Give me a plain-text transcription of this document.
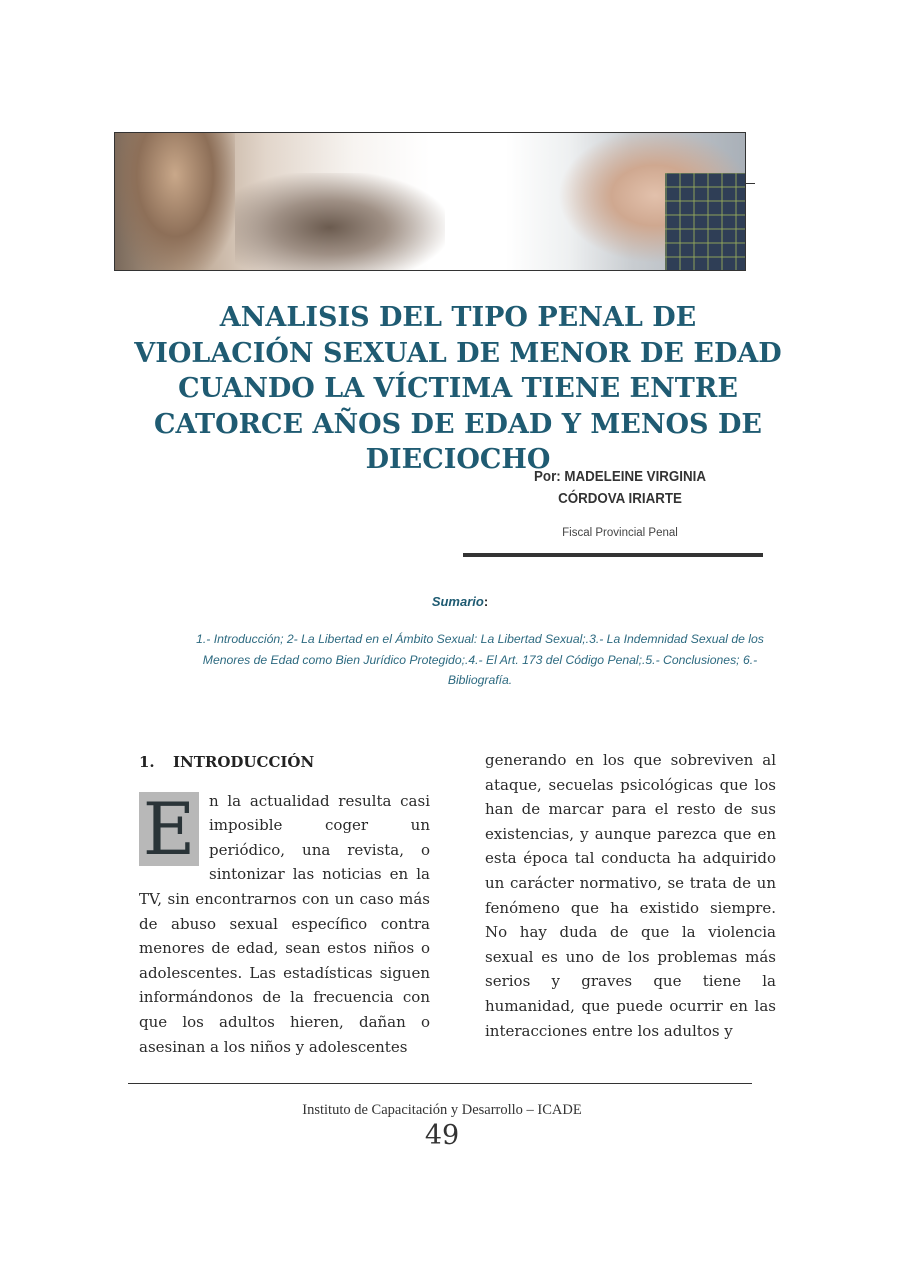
ANALISIS DEL TIPO PENAL DE VIOLACIÓN SEXUAL DE MENOR DE EDAD CUANDO LA VÍCTIMA TIENE ENTRE CATORCE AÑOS DE EDAD Y MENOS DE DIECIOCHO
Por: MADELEINE VIRGINIA
CÓRDOVA IRIARTE
Fiscal Provincial Penal
Sumario:
1.- Introducción; 2- La Libertad en el Ámbito Sexual: La Libertad Sexual;.3.- La Indemnidad Sexual de los Menores de Edad como Bien Jurídico Protegido;.4.- El Art. 173 del Código Penal;.5.- Conclusiones; 6.- Bibliografía.
1. INTRODUCCIÓN
E n la actualidad resulta casi imposible coger un periódico, una revista, o sintonizar las noticias en la TV, sin encontrarnos con un caso más de abuso sexual específico contra menores de edad, sean estos niños o adolescentes. Las estadísticas siguen informándonos de la frecuencia con que los adultos hieren, dañan o asesinan a los niños y adolescentes

generando en los que sobreviven al ataque, secuelas psicológicas que los han de marcar para el resto de sus existencias, y aunque parezca que en esta época tal conducta ha adquirido un carácter normativo, se trata de un fenómeno que ha existido siempre. No hay duda de que la violencia sexual es uno de los problemas más serios y graves que tiene la humanidad, que puede ocurrir en las interacciones entre los adultos y

Instituto de Capacitación y Desarrollo – ICADE
49
